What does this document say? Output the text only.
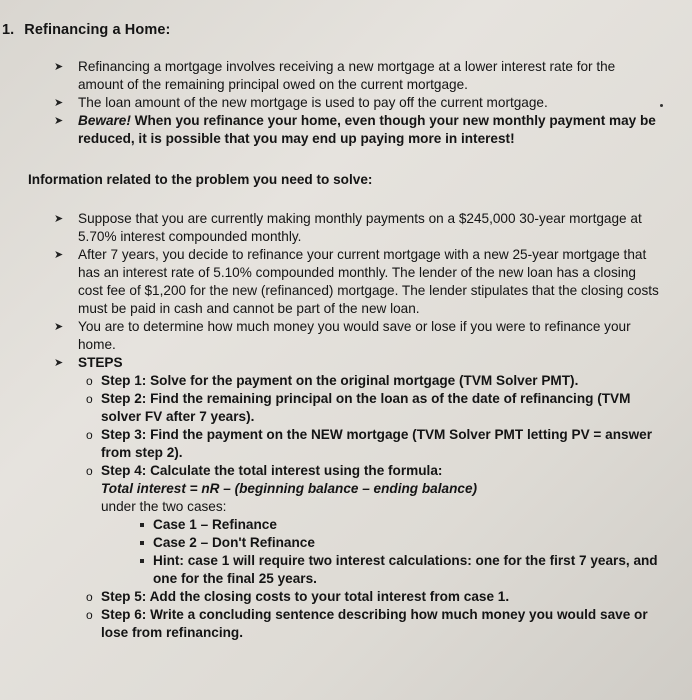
1. Refinancing a Home:
➤ Refinancing a mortgage involves receiving a new mortgage at a lower interest rate for the amount of the remaining principal owed on the current mortgage.
➤ The loan amount of the new mortgage is used to pay off the current mortgage.
➤ Beware! When you refinance your home, even though your new monthly payment may be reduced, it is possible that you may end up paying more in interest!
Information related to the problem you need to solve:
➤ Suppose that you are currently making monthly payments on a $245,000 30-year mortgage at 5.70% interest compounded monthly.
➤ After 7 years, you decide to refinance your current mortgage with a new 25-year mortgage that has an interest rate of 5.10% compounded monthly. The lender of the new loan has a closing cost fee of $1,200 for the new (refinanced) mortgage. The lender stipulates that the closing costs must be paid in cash and cannot be part of the new loan.
➤ You are to determine how much money you would save or lose if you were to refinance your home.
➤ STEPS
o Step 1: Solve for the payment on the original mortgage (TVM Solver PMT).
o Step 2: Find the remaining principal on the loan as of the date of refinancing (TVM solver FV after 7 years).
o Step 3: Find the payment on the NEW mortgage (TVM Solver PMT letting PV = answer from step 2).
o Step 4: Calculate the total interest using the formula:
Total interest = nR – (beginning balance – ending balance)
under the two cases:
Case 1 – Refinance
Case 2 – Don't Refinance
Hint: case 1 will require two interest calculations: one for the first 7 years, and one for the final 25 years.
o Step 5: Add the closing costs to your total interest from case 1.
o Step 6: Write a concluding sentence describing how much money you would save or lose from refinancing.
